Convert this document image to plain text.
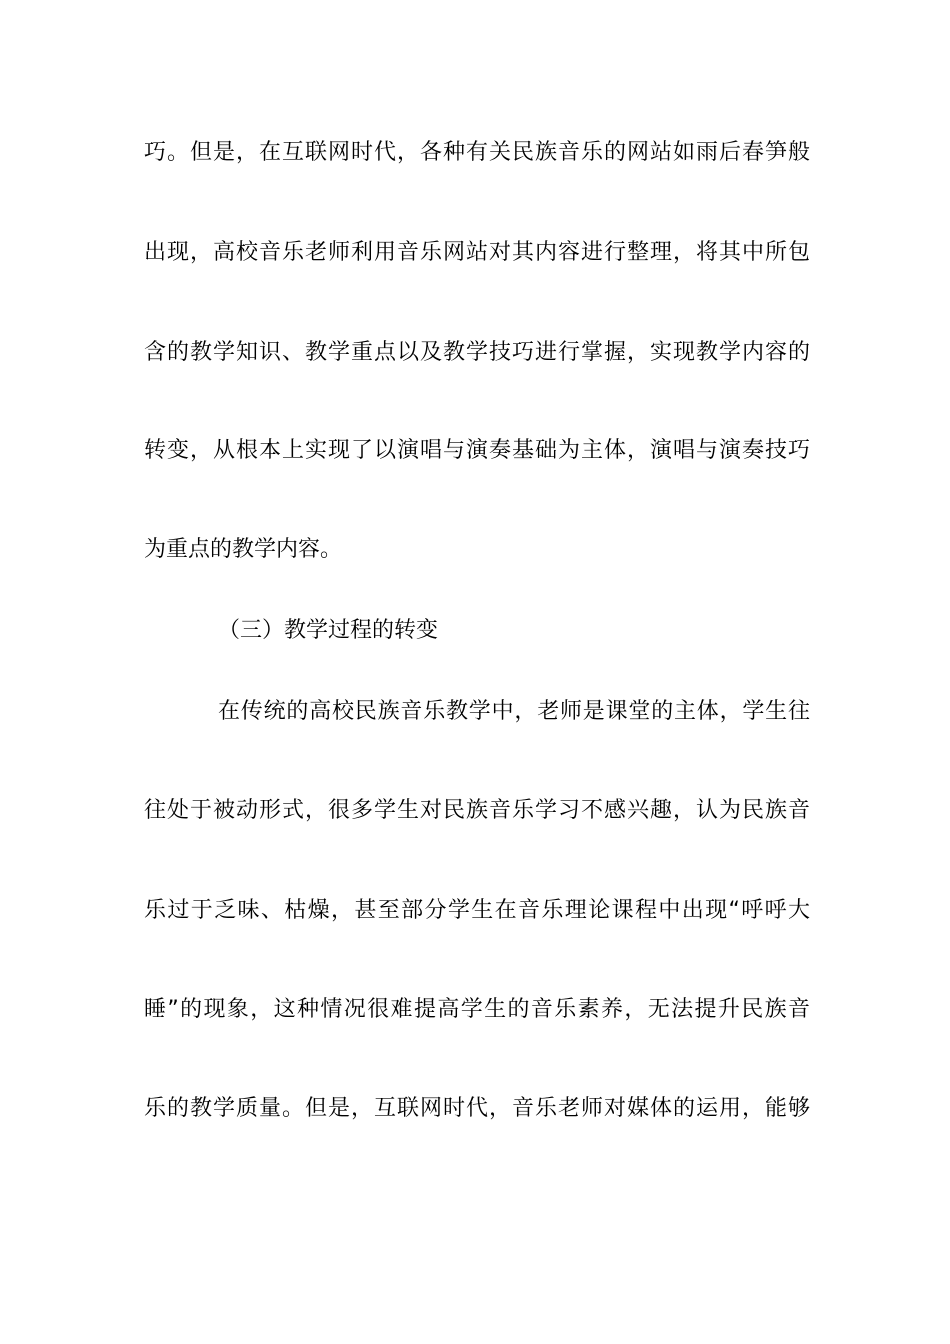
巧。但是，在互联网时代，各种有关民族音乐的网站如雨后春笋般
出现，高校音乐老师利用音乐网站对其内容进行整理，将其中所包
含的教学知识、教学重点以及教学技巧进行掌握，实现教学内容的
转变，从根本上实现了以演唱与演奏基础为主体，演唱与演奏技巧
为重点的教学内容。
（三）教学过程的转变
在传统的高校民族音乐教学中，老师是课堂的主体，学生往
往处于被动形式，很多学生对民族音乐学习不感兴趣，认为民族音
乐过于乏味、枯燥，甚至部分学生在音乐理论课程中出现“呼呼大
睡”的现象，这种情况很难提高学生的音乐素养，无法提升民族音
乐的教学质量。但是，互联网时代，音乐老师对媒体的运用，能够
